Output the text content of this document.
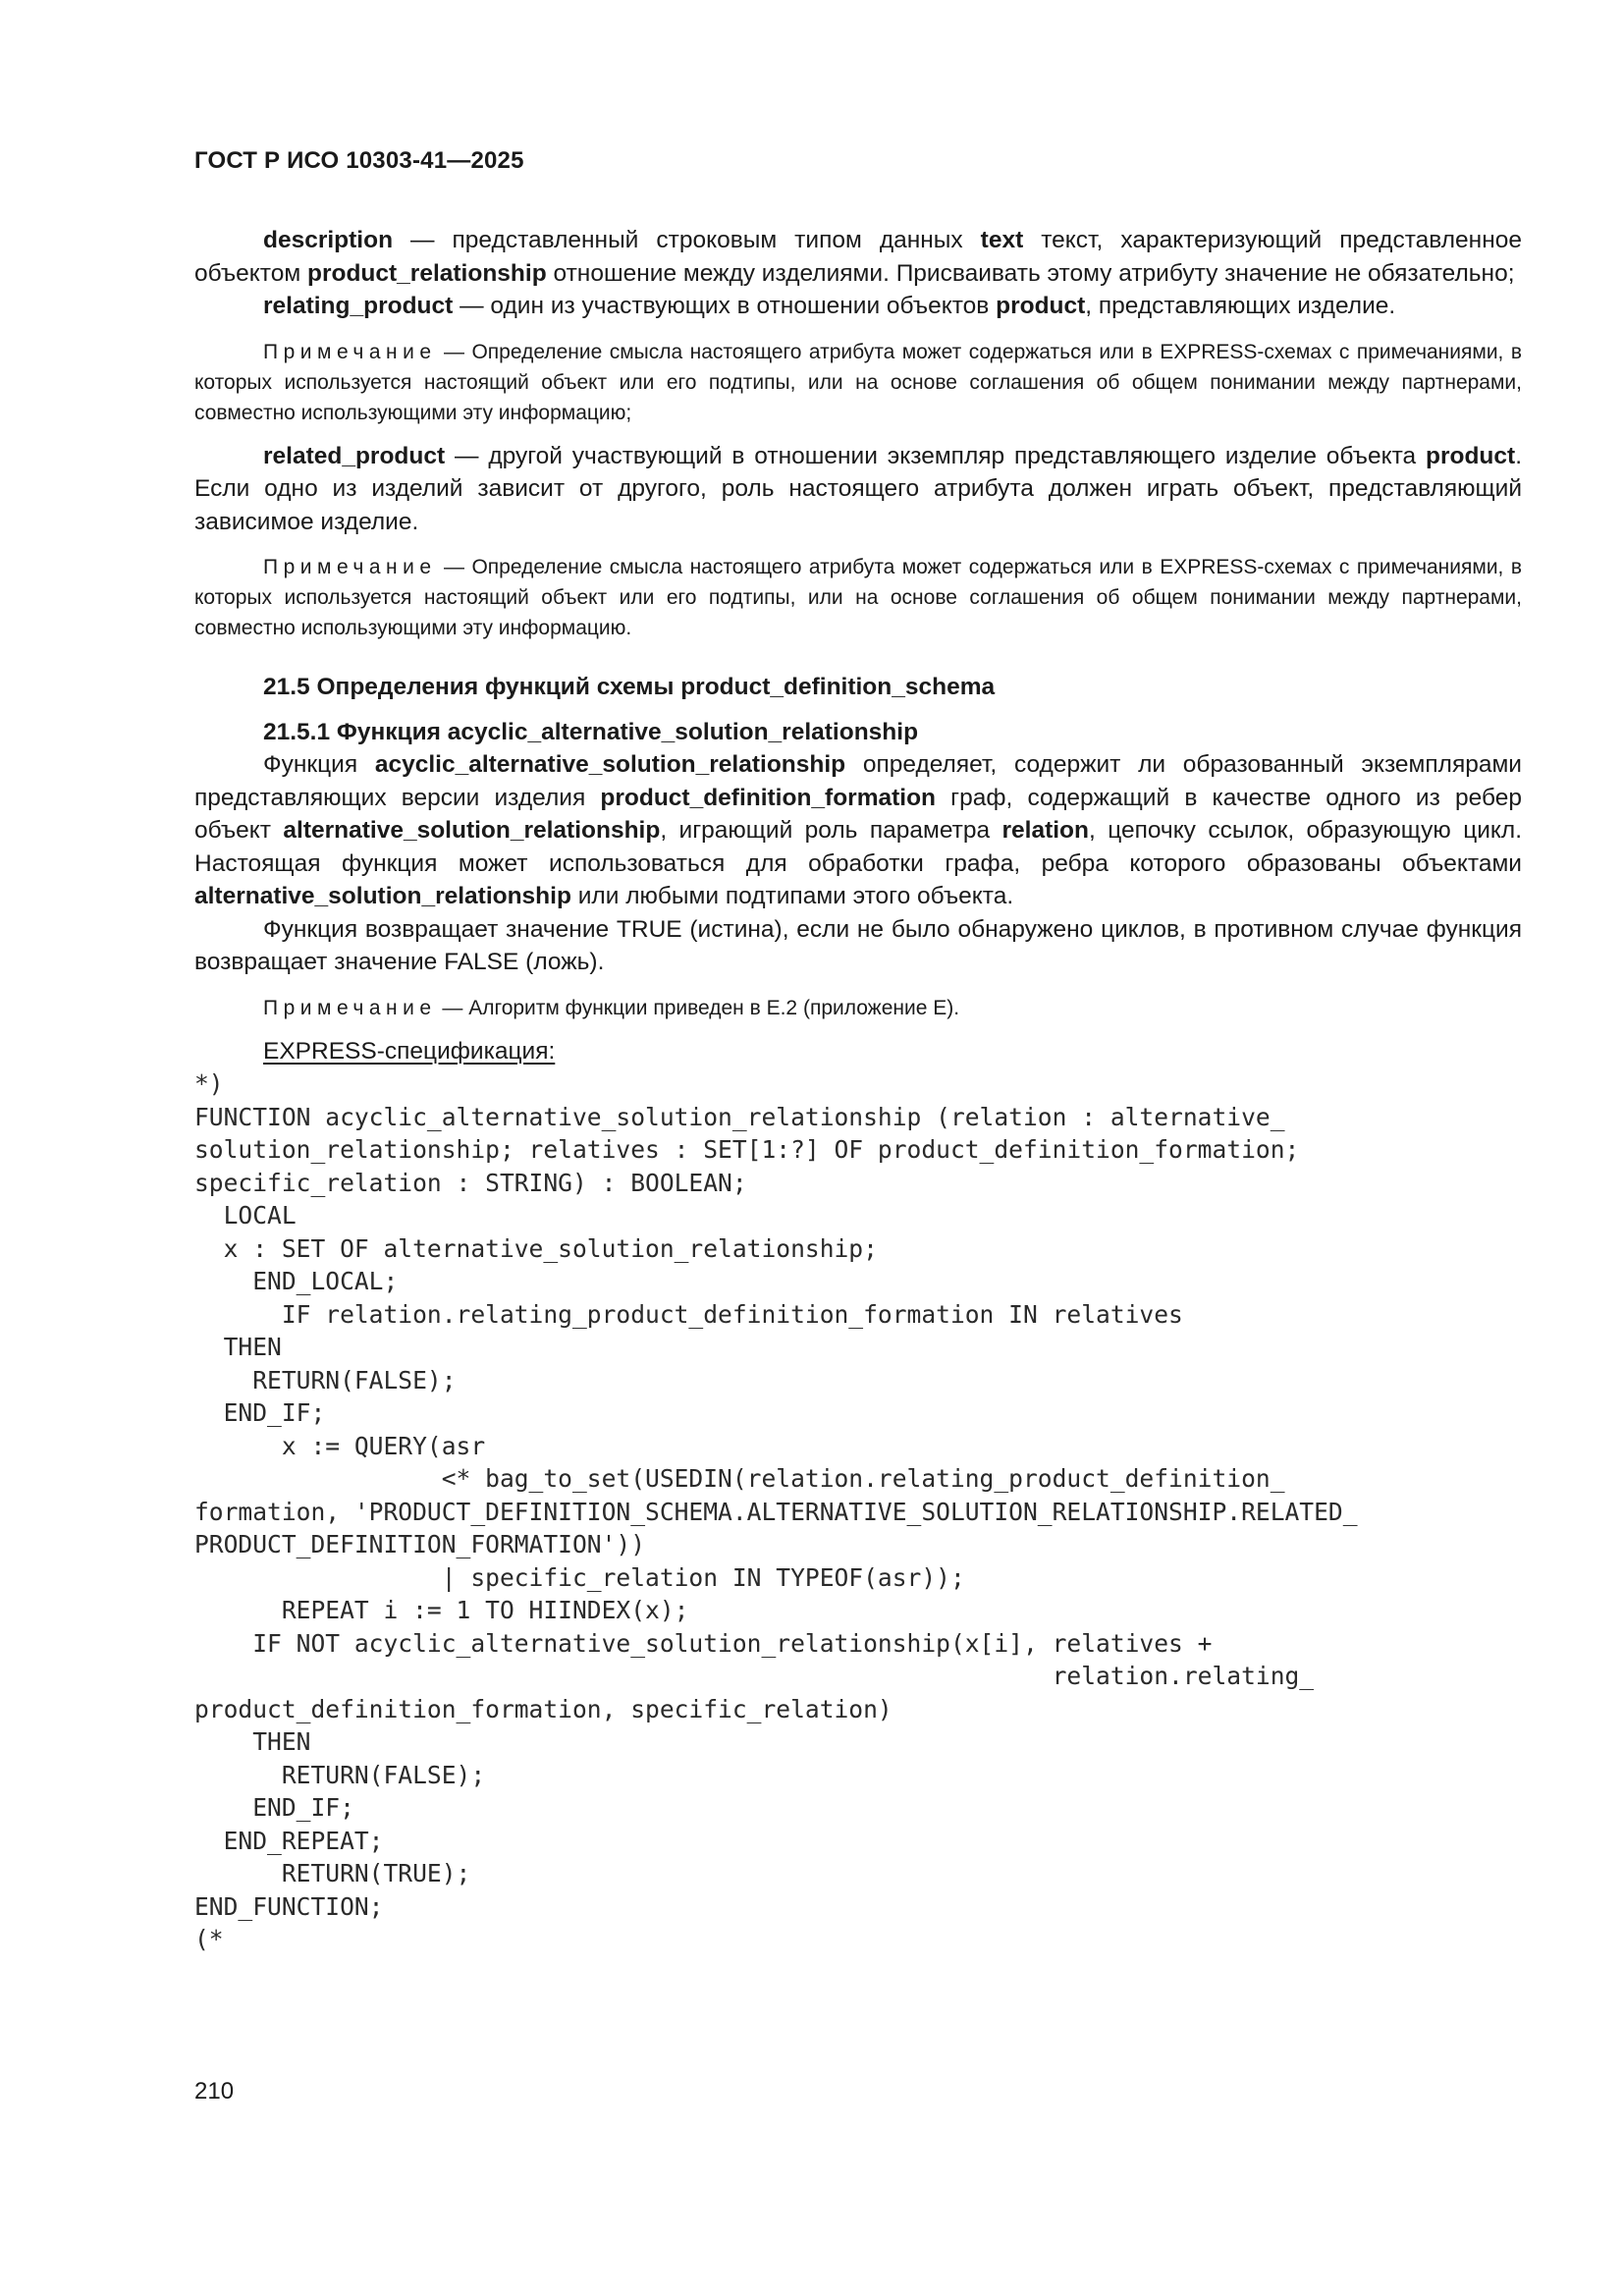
ГОСТ Р ИСО 10303-41—2025

description — представленный строковым типом данных text текст, характеризующий представленное объектом product_relationship отношение между изделиями. Присваивать этому атрибуту значение не обязательно;

relating_product — один из участвующих в отношении объектов product, представляющих изделие.

Примечание — Определение смысла настоящего атрибута может содержаться или в EXPRESS-схемах с примечаниями, в которых используется настоящий объект или его подтипы, или на основе соглашения об общем понимании между партнерами, совместно использующими эту информацию;

related_product — другой участвующий в отношении экземпляр представляющего изделие объекта product. Если одно из изделий зависит от другого, роль настоящего атрибута должен играть объект, представляющий зависимое изделие.

Примечание — Определение смысла настоящего атрибута может содержаться или в EXPRESS-схемах с примечаниями, в которых используется настоящий объект или его подтипы, или на основе соглашения об общем понимании между партнерами, совместно использующими эту информацию.
21.5 Определения функций схемы product_definition_schema
21.5.1 Функция acyclic_alternative_solution_relationship

Функция acyclic_alternative_solution_relationship определяет, содержит ли образованный экземплярами представляющих версии изделия product_definition_formation граф, содержащий в качестве одного из ребер объект alternative_solution_relationship, играющий роль параметра relation, цепочку ссылок, образующую цикл. Настоящая функция может использоваться для обработки графа, ребра которого образованы объектами alternative_solution_relationship или любыми подтипами этого объекта.

Функция возвращает значение TRUE (истина), если не было обнаружено циклов, в противном случае функция возвращает значение FALSE (ложь).

Примечание — Алгоритм функции приведен в Е.2 (приложение Е).

EXPRESS-спецификация:

*)
FUNCTION acyclic_alternative_solution_relationship (relation : alternative_
solution_relationship; relatives : SET[1:?] OF product_definition_formation;
specific_relation : STRING) : BOOLEAN;
LOCAL
x : SET OF alternative_solution_relationship;
END_LOCAL;
IF relation.relating_product_definition_formation IN relatives
THEN
RETURN(FALSE);
END_IF;
x := QUERY(asr
<* bag_to_set(USEDIN(relation.relating_product_definition_
formation, 'PRODUCT_DEFINITION_SCHEMA.ALTERNATIVE_SOLUTION_RELATIONSHIP.RELATED_
PRODUCT_DEFINITION_FORMATION'))
| specific_relation IN TYPEOF(asr));
REPEAT i := 1 TO HIINDEX(x);
IF NOT acyclic_alternative_solution_relationship(x[i], relatives +
relation.relating_
product_definition_formation, specific_relation)
THEN
RETURN(FALSE);
END_IF;
END_REPEAT;
RETURN(TRUE);
END_FUNCTION;
(*
210
